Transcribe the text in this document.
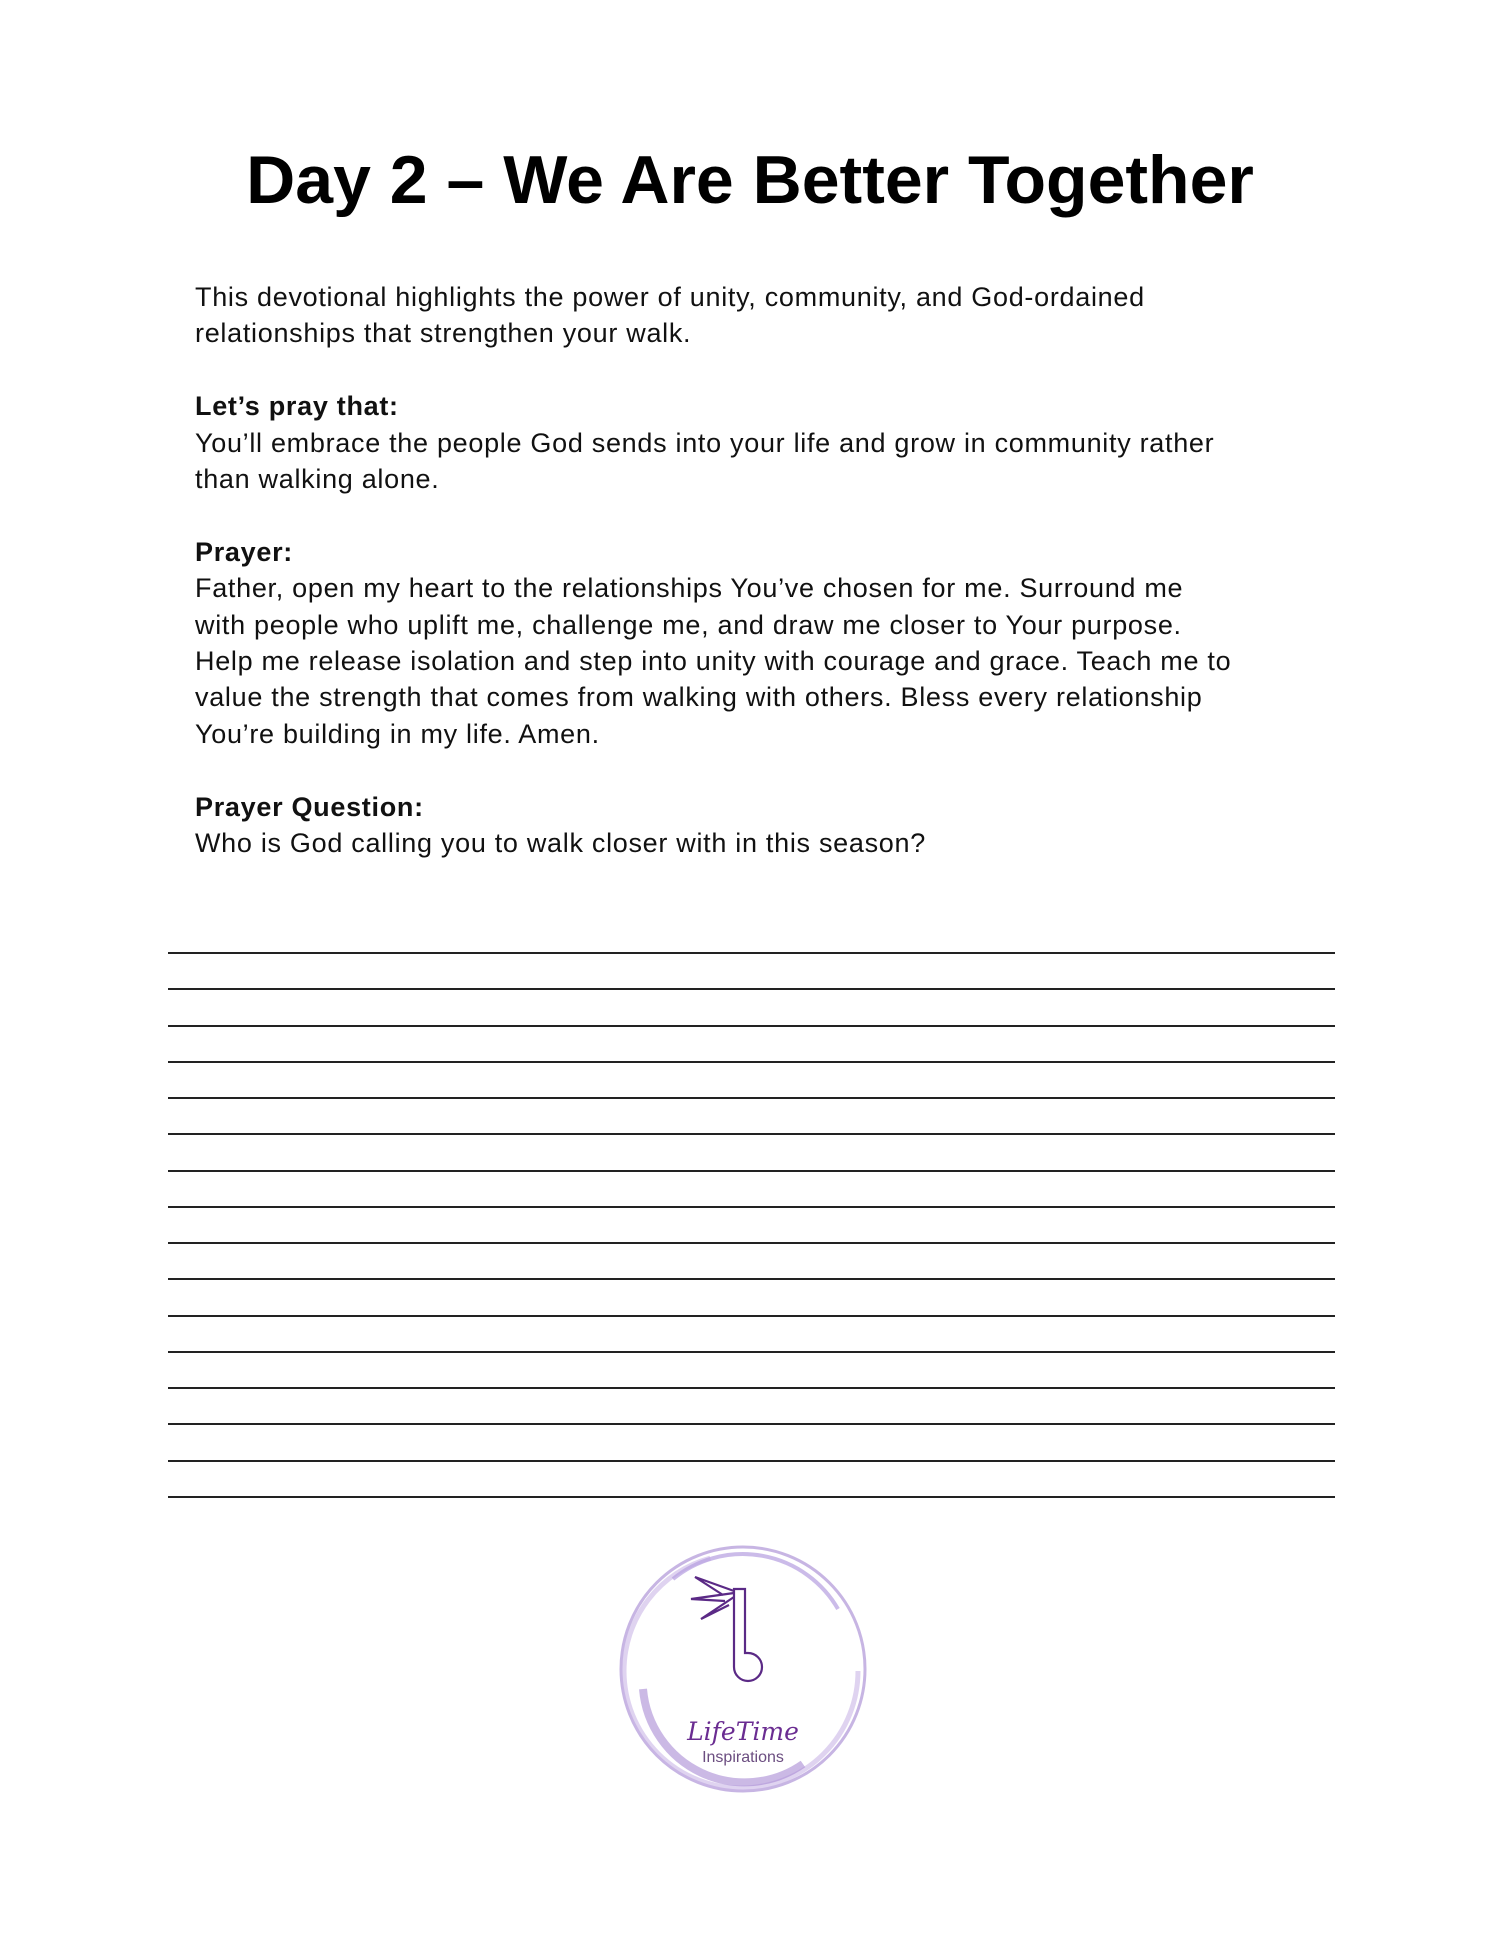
Day 2 – We Are Better Together
This devotional highlights the power of unity, community, and God-ordained
relationships that strengthen your walk.
Let’s pray that:
You’ll embrace the people God sends into your life and grow in community rather
than walking alone.
Prayer:
Father, open my heart to the relationships You’ve chosen for me. Surround me
with people who uplift me, challenge me, and draw me closer to Your purpose.
Help me release isolation and step into unity with courage and grace. Teach me to
value the strength that comes from walking with others. Bless every relationship
You’re building in my life. Amen.
Prayer Question:
Who is God calling you to walk closer with in this season?
LifeTime
Inspirations
